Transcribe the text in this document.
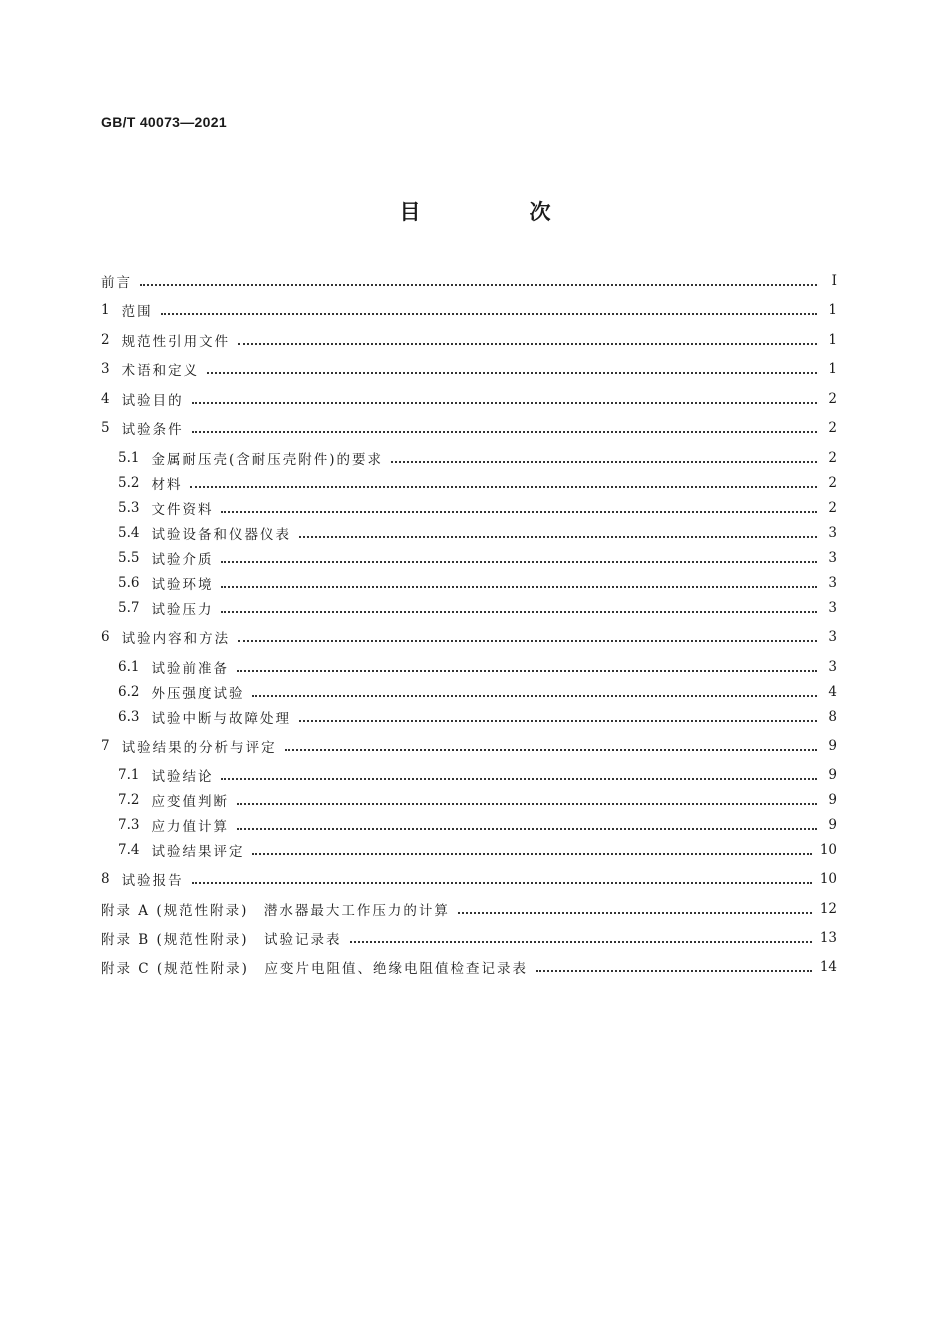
GB/T 40073—2021
目　次
前言	Ⅰ
1 范围	1
2 规范性引用文件	1
3 术语和定义	1
4 试验目的	2
5 试验条件	2
5.1 金属耐压壳(含耐压壳附件)的要求	2
5.2 材料	2
5.3 文件资料	2
5.4 试验设备和仪器仪表	3
5.5 试验介质	3
5.6 试验环境	3
5.7 试验压力	3
6 试验内容和方法	3
6.1 试验前准备	3
6.2 外压强度试验	4
6.3 试验中断与故障处理	8
7 试验结果的分析与评定	9
7.1 试验结论	9
7.2 应变值判断	9
7.3 应力值计算	9
7.4 试验结果评定	10
8 试验报告	10
附录 A (规范性附录)　潜水器最大工作压力的计算	12
附录 B (规范性附录)　试验记录表	13
附录 C (规范性附录)　应变片电阻值、绝缘电阻值检查记录表	14
